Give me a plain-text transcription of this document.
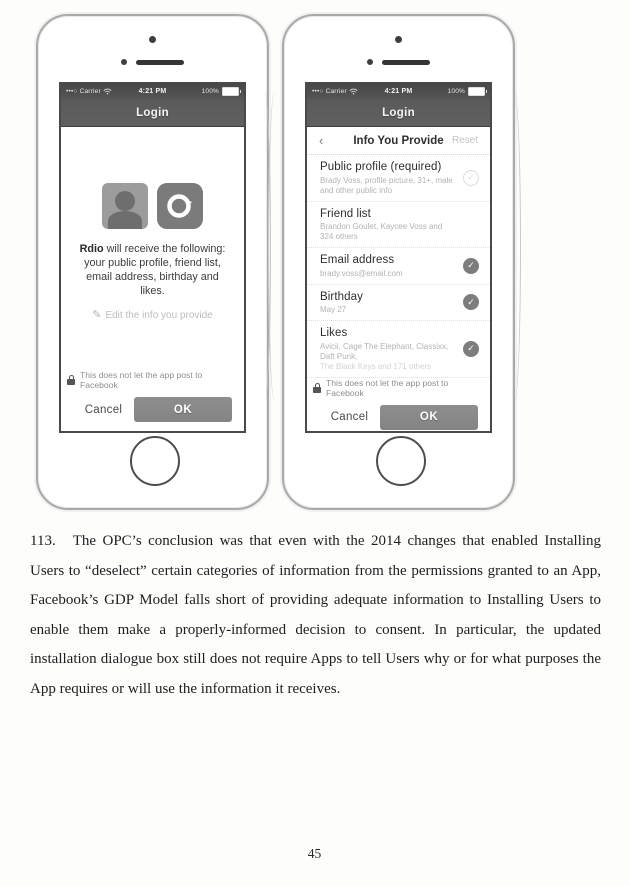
•••○ Carrier	4:21 PM	100%
Login
Rdio will receive the following: your public profile, friend list, email address, birthday and likes.
✎ Edit the info you provide
This does not let the app post to Facebook
Cancel	OK
•••○ Carrier	4:21 PM	100%
Login
‹	Info You Provide Reset
Public profile (required)
Brady Voss, profile picture, 31+, male and other public info
✓
Friend list
Brandon Goulet, Kaycee Voss and 324 others
Email address
brady.voss@email.com
✓
Birthday
May 27
✓
Likes
Avicii, Cage The Elephant, Classixx, Daft Punk,
The Black Keys and 171 others
✓
This does not let the app post to Facebook
Cancel	OK
113. The OPC’s conclusion was that even with the 2014 changes that enabled Installing Users to “deselect” certain categories of information from the permissions granted to an App, Facebook’s GDP Model falls short of providing adequate information to Installing Users to enable them make a properly-informed decision to consent. In particular, the updated installation dialogue box still does not require Apps to tell Users why or for what purposes the App requires or will use the information it receives.
45
